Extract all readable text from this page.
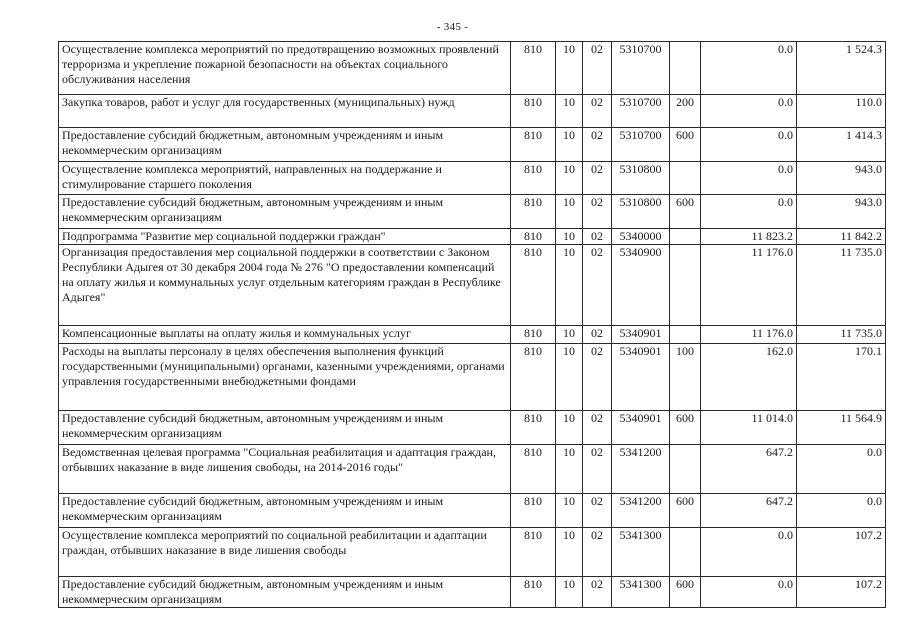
- 345 -
Осуществление комплекса мероприятий по предотвращению возможных проявлений терроризма и укрепление пожарной безопасности на объектах социального обслуживания населения	810	10	02	5310700		0.0	1 524.3
Закупка товаров, работ и услуг для государственных (муниципальных) нужд	810	10	02	5310700	200	0.0	110.0
Предоставление субсидий бюджетным, автономным учреждениям и иным некоммерческим организациям	810	10	02	5310700	600	0.0	1 414.3
Осуществление комплекса мероприятий, направленных на поддержание и стимулирование старшего поколения	810	10	02	5310800		0.0	943.0
Предоставление субсидий бюджетным, автономным учреждениям и иным некоммерческим организациям	810	10	02	5310800	600	0.0	943.0
Подпрограмма "Развитие мер социальной поддержки граждан"	810	10	02	5340000		11 823.2	11 842.2
Организация предоставления мер социальной поддержки в соответствии с Законом Республики Адыгея от 30 декабря 2004 года № 276 "О предоставлении компенсаций на оплату жилья и коммунальных услуг отдельным категориям граждан в Республике Адыгея"	810	10	02	5340900		11 176.0	11 735.0
Компенсационные выплаты на оплату жилья и коммунальных услуг	810	10	02	5340901		11 176.0	11 735.0
Расходы на выплаты персоналу в целях обеспечения выполнения функций государственными (муниципальными) органами, казенными учреждениями, органами управления государственными внебюджетными фондами	810	10	02	5340901	100	162.0	170.1
Предоставление субсидий бюджетным, автономным учреждениям и иным некоммерческим организациям	810	10	02	5340901	600	11 014.0	11 564.9
Ведомственная целевая программа "Социальная реабилитация и адаптация граждан, отбывших наказание в виде лишения свободы, на 2014-2016 годы"	810	10	02	5341200		647.2	0.0
Предоставление субсидий бюджетным, автономным учреждениям и иным некоммерческим организациям	810	10	02	5341200	600	647.2	0.0
Осуществление комплекса мероприятий по социальной реабилитации и адаптации граждан, отбывших наказание в виде лишения свободы	810	10	02	5341300		0.0	107.2
Предоставление субсидий бюджетным, автономным учреждениям и иным некоммерческим организациям	810	10	02	5341300	600	0.0	107.2
